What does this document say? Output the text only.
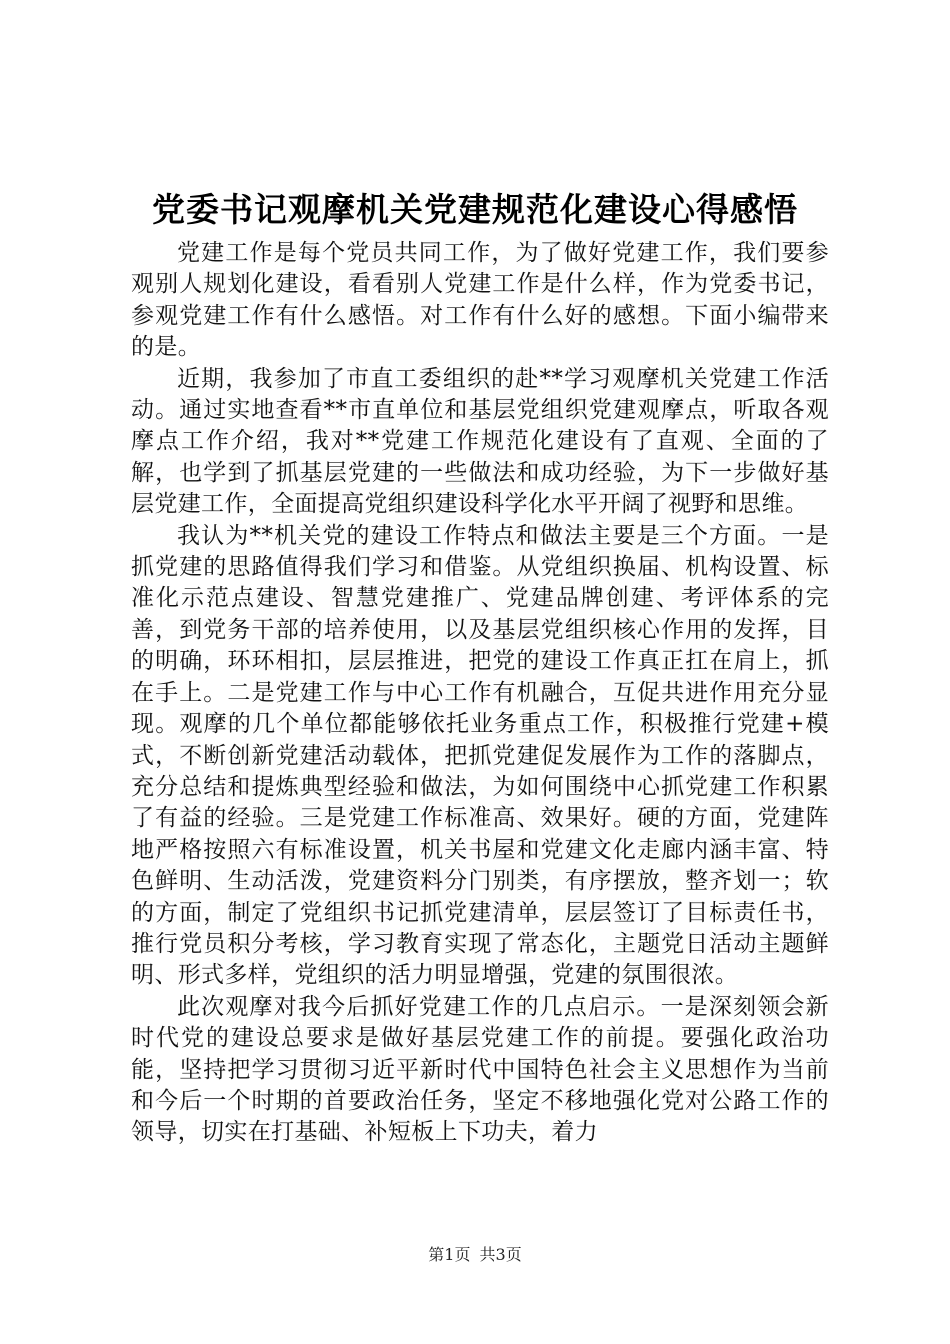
党委书记观摩机关党建规范化建设心得感悟

党建工作是每个党员共同工作，为了做好党建工作，我们要参观别人规划化建设，看看别人党建工作是什么样，作为党委书记，参观党建工作有什么感悟。对工作有什么好的感想。下面小编带来的是。

近期，我参加了市直工委组织的赴**学习观摩机关党建工作活动。通过实地查看**市直单位和基层党组织党建观摩点，听取各观摩点工作介绍，我对**党建工作规范化建设有了直观、全面的了解，也学到了抓基层党建的一些做法和成功经验，为下一步做好基层党建工作，全面提高党组织建设科学化水平开阔了视野和思维。

我认为**机关党的建设工作特点和做法主要是三个方面。一是抓党建的思路值得我们学习和借鉴。从党组织换届、机构设置、标准化示范点建设、智慧党建推广、党建品牌创建、考评体系的完善，到党务干部的培养使用，以及基层党组织核心作用的发挥，目的明确，环环相扣，层层推进，把党的建设工作真正扛在肩上，抓在手上。二是党建工作与中心工作有机融合，互促共进作用充分显现。观摩的几个单位都能够依托业务重点工作，积极推行党建+模式，不断创新党建活动载体，把抓党建促发展作为工作的落脚点，充分总结和提炼典型经验和做法，为如何围绕中心抓党建工作积累了有益的经验。三是党建工作标准高、效果好。硬的方面，党建阵地严格按照六有标准设置，机关书屋和党建文化走廊内涵丰富、特色鲜明、生动活泼，党建资料分门别类，有序摆放，整齐划一；软的方面，制定了党组织书记抓党建清单，层层签订了目标责任书，推行党员积分考核，学习教育实现了常态化，主题党日活动主题鲜明、形式多样，党组织的活力明显增强，党建的氛围很浓。

此次观摩对我今后抓好党建工作的几点启示。一是深刻领会新时代党的建设总要求是做好基层党建工作的前提。要强化政治功能，坚持把学习贯彻习近平新时代中国特色社会主义思想作为当前和今后一个时期的首要政治任务，坚定不移地强化党对公路工作的领导，切实在打基础、补短板上下功夫，着力

第1页 共3页
